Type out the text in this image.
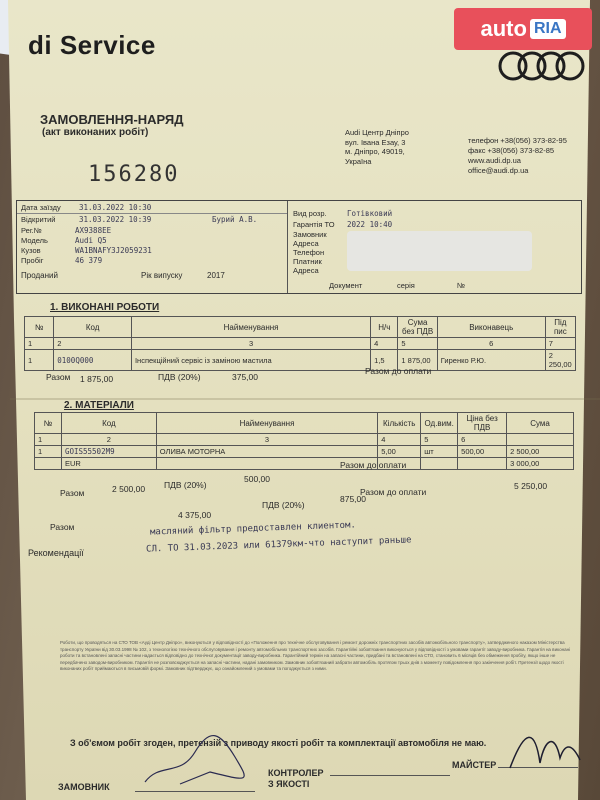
di Service
auto RIA
ЗАМОВЛЕННЯ-НАРЯД
(акт виконаних робіт)
156280
Audi Центр Дніпро
вул. Івана Езау, 3
м. Дніпро, 49019,
Україна
телефон +38(056) 373-82-95
факс +38(056) 373-82-85
www.audi.dp.ua
office@audi.dp.ua
Дата заїзду 31.03.2022 10:30
Відкритий	31.03.2022 10:39	Бурий А.В.
Рег.№	АХ9388ЕЕ
Модель	Audi Q5
Кузов	WA1BNAFY3J2059231
Пробіг	46 379
Проданий	Рік випуску	2017
Вид розр.	Готівковий
Гарантія ТО 2022 10:40
Замовник
Адреса
Телефон
Платник
Адреса
Документ	серія	№
1. ВИКОНАНІ РОБОТИ
№	Код	Найменування	Н/ч	Сума без ПДВ	Виконавець	Під пис
1	2	3	4	5	6	7
1	0100Q000	Інспекційний сервіс із заміною мастила	1,5	1 875,00	Гиренко Р.Ю.	2 250,00
Разом 1 875,00	ПДВ (20%)	375,00
Разом до оплати
2. МАТЕРІАЛИ
№	Код	Найменування	Кількість	Од.вим.	Ціна без ПДВ	Сума
1	2	3	4	5	6	
1	GOIS55502M9	ОЛИВА МОТОРНА	5,00	шт	500,00	2 500,00
	EUR					3 000,00
Разом до оплати
Разом	2 500,00 ПДВ (20%)
500,00
Разом до оплати
5 250,00
Разом
4 375,00
ПДВ (20%)
875,00
Рекомендації
масляний фільтр предоставлен клиентом.
СЛ. ТО 31.03.2023 или 61379км-что наступит раньше
Роботи, що проводяться на СТО ТОВ «Ауді Центр Дніпро», виконуються у відповідності до «Положення про технічне обслуговування і ремонт дорожніх транспортних засобів автомобільного транспорту», затвердженого наказом Міністерства транспорту України від 30.03.1998 № 102, з технологією технічного обслуговування і ремонту автомобільних транспортних засобів. Гарантійні зобов'язання виконуються у відповідності з умовами гарантії заводу-виробника. Гарантія на виконані роботи та встановлені запасні частини надається відповідно до технічної документації заводу-виробника. Гарантійний термін на запасні частини, придбані та встановлені на СТО, становить 6 місяців без обмеження пробігу, якщо інше не передбачено заводом-виробником. Гарантія не розповсюджується на запасні частини, надані замовником. Замовник зобов'язаний забрати автомобіль протягом трьох днів з моменту повідомлення про закінчення робіт. Претензії щодо якості виконаних робіт приймаються в письмовій формі. Замовник підтверджує, що ознайомлений з умовами та погоджується з ними.
З об'ємом робіт згоден, претензій з приводу якості робіт та комплектації автомобіля не маю.
ЗАМОВНИК
КОНТРОЛЕР
З ЯКОСТІ
МАЙСТЕР
